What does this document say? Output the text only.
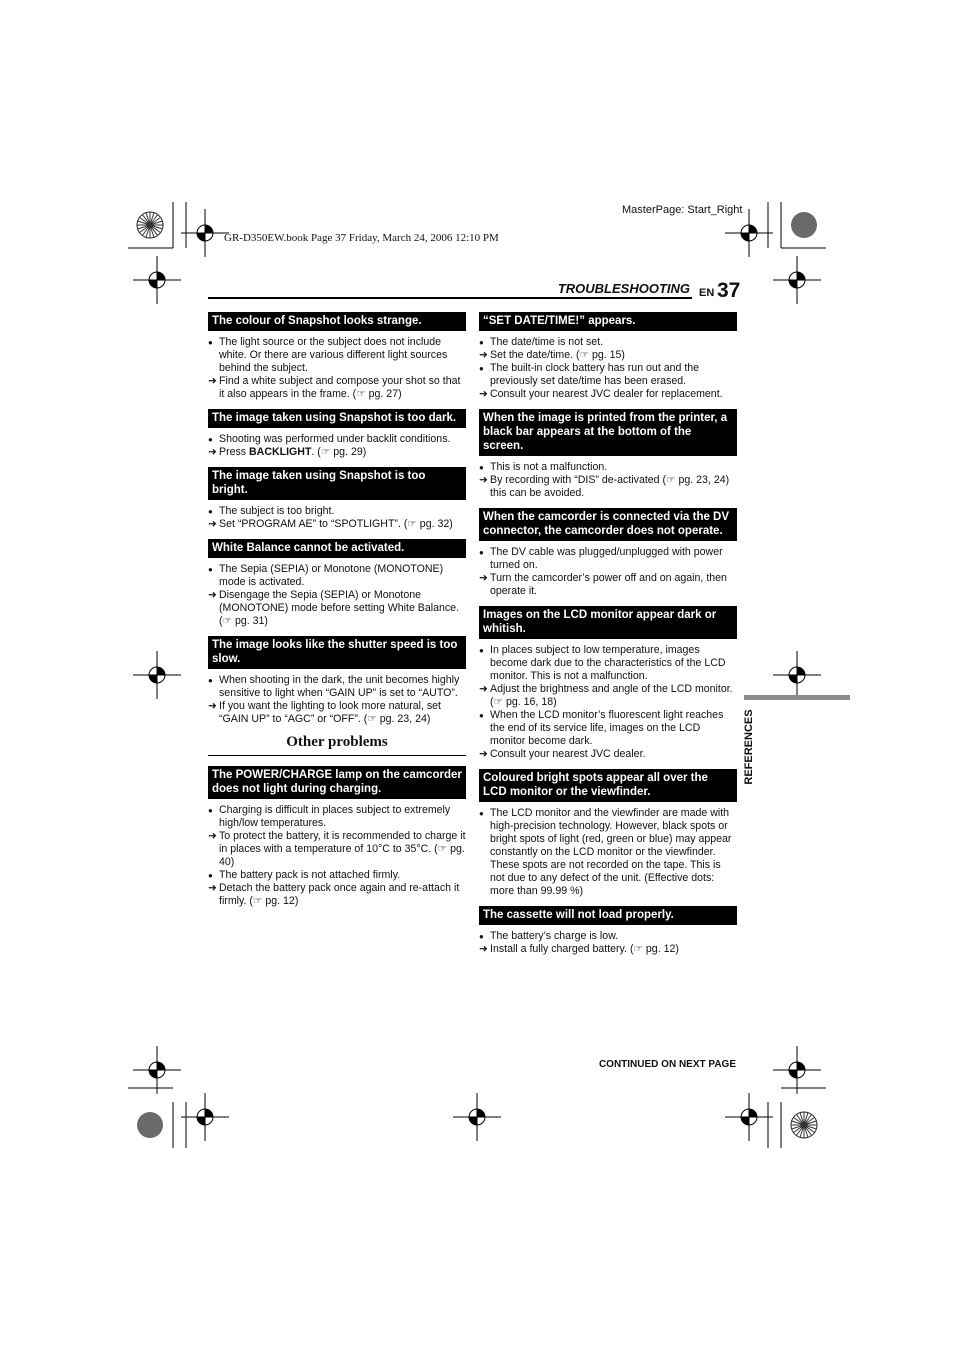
MasterPage: Start_Right
GR-D350EW.book Page 37 Friday, March 24, 2006 12:10 PM
TROUBLESHOOTING EN 37
The colour of Snapshot looks strange.
● The light source or the subject does not include white. Or there are various different light sources behind the subject.
➜ Find a white subject and compose your shot so that it also appears in the frame. (☞ pg. 27)
The image taken using Snapshot is too dark.
● Shooting was performed under backlit conditions.
➜ Press BACKLIGHT. (☞ pg. 29)
The image taken using Snapshot is too bright.
● The subject is too bright.
➜ Set “PROGRAM AE” to “SPOTLIGHT”. (☞ pg. 32)
White Balance cannot be activated.
● The Sepia (SEPIA) or Monotone (MONOTONE) mode is activated.
➜ Disengage the Sepia (SEPIA) or Monotone (MONOTONE) mode before setting White Balance. (☞ pg. 31)
The image looks like the shutter speed is too slow.
● When shooting in the dark, the unit becomes highly sensitive to light when “GAIN UP” is set to “AUTO”.
➜ If you want the lighting to look more natural, set “GAIN UP” to “AGC” or “OFF”. (☞ pg. 23, 24)
Other problems
The POWER/CHARGE lamp on the camcorder does not light during charging.
● Charging is difficult in places subject to extremely high/low temperatures.
➜ To protect the battery, it is recommended to charge it in places with a temperature of 10°C to 35°C. (☞ pg. 40)
● The battery pack is not attached firmly.
➜ Detach the battery pack once again and re-attach it firmly. (☞ pg. 12)
“SET DATE/TIME!” appears.
● The date/time is not set.
➜ Set the date/time. (☞ pg. 15)
● The built-in clock battery has run out and the previously set date/time has been erased.
➜ Consult your nearest JVC dealer for replacement.
When the image is printed from the printer, a black bar appears at the bottom of the screen.
● This is not a malfunction.
➜ By recording with “DIS” de-activated (☞ pg. 23, 24) this can be avoided.
When the camcorder is connected via the DV connector, the camcorder does not operate.
● The DV cable was plugged/unplugged with power turned on.
➜ Turn the camcorder’s power off and on again, then operate it.
Images on the LCD monitor appear dark or whitish.
● In places subject to low temperature, images become dark due to the characteristics of the LCD monitor. This is not a malfunction.
➜ Adjust the brightness and angle of the LCD monitor. (☞ pg. 16, 18)
● When the LCD monitor’s fluorescent light reaches the end of its service life, images on the LCD monitor become dark.
➜ Consult your nearest JVC dealer.
Coloured bright spots appear all over the LCD monitor or the viewfinder.
● The LCD monitor and the viewfinder are made with high-precision technology. However, black spots or bright spots of light (red, green or blue) may appear constantly on the LCD monitor or the viewfinder. These spots are not recorded on the tape. This is not due to any defect of the unit. (Effective dots: more than 99.99 %)
The cassette will not load properly.
● The battery’s charge is low.
➜ Install a fully charged battery. (☞ pg. 12)
REFERENCES
CONTINUED ON NEXT PAGE
